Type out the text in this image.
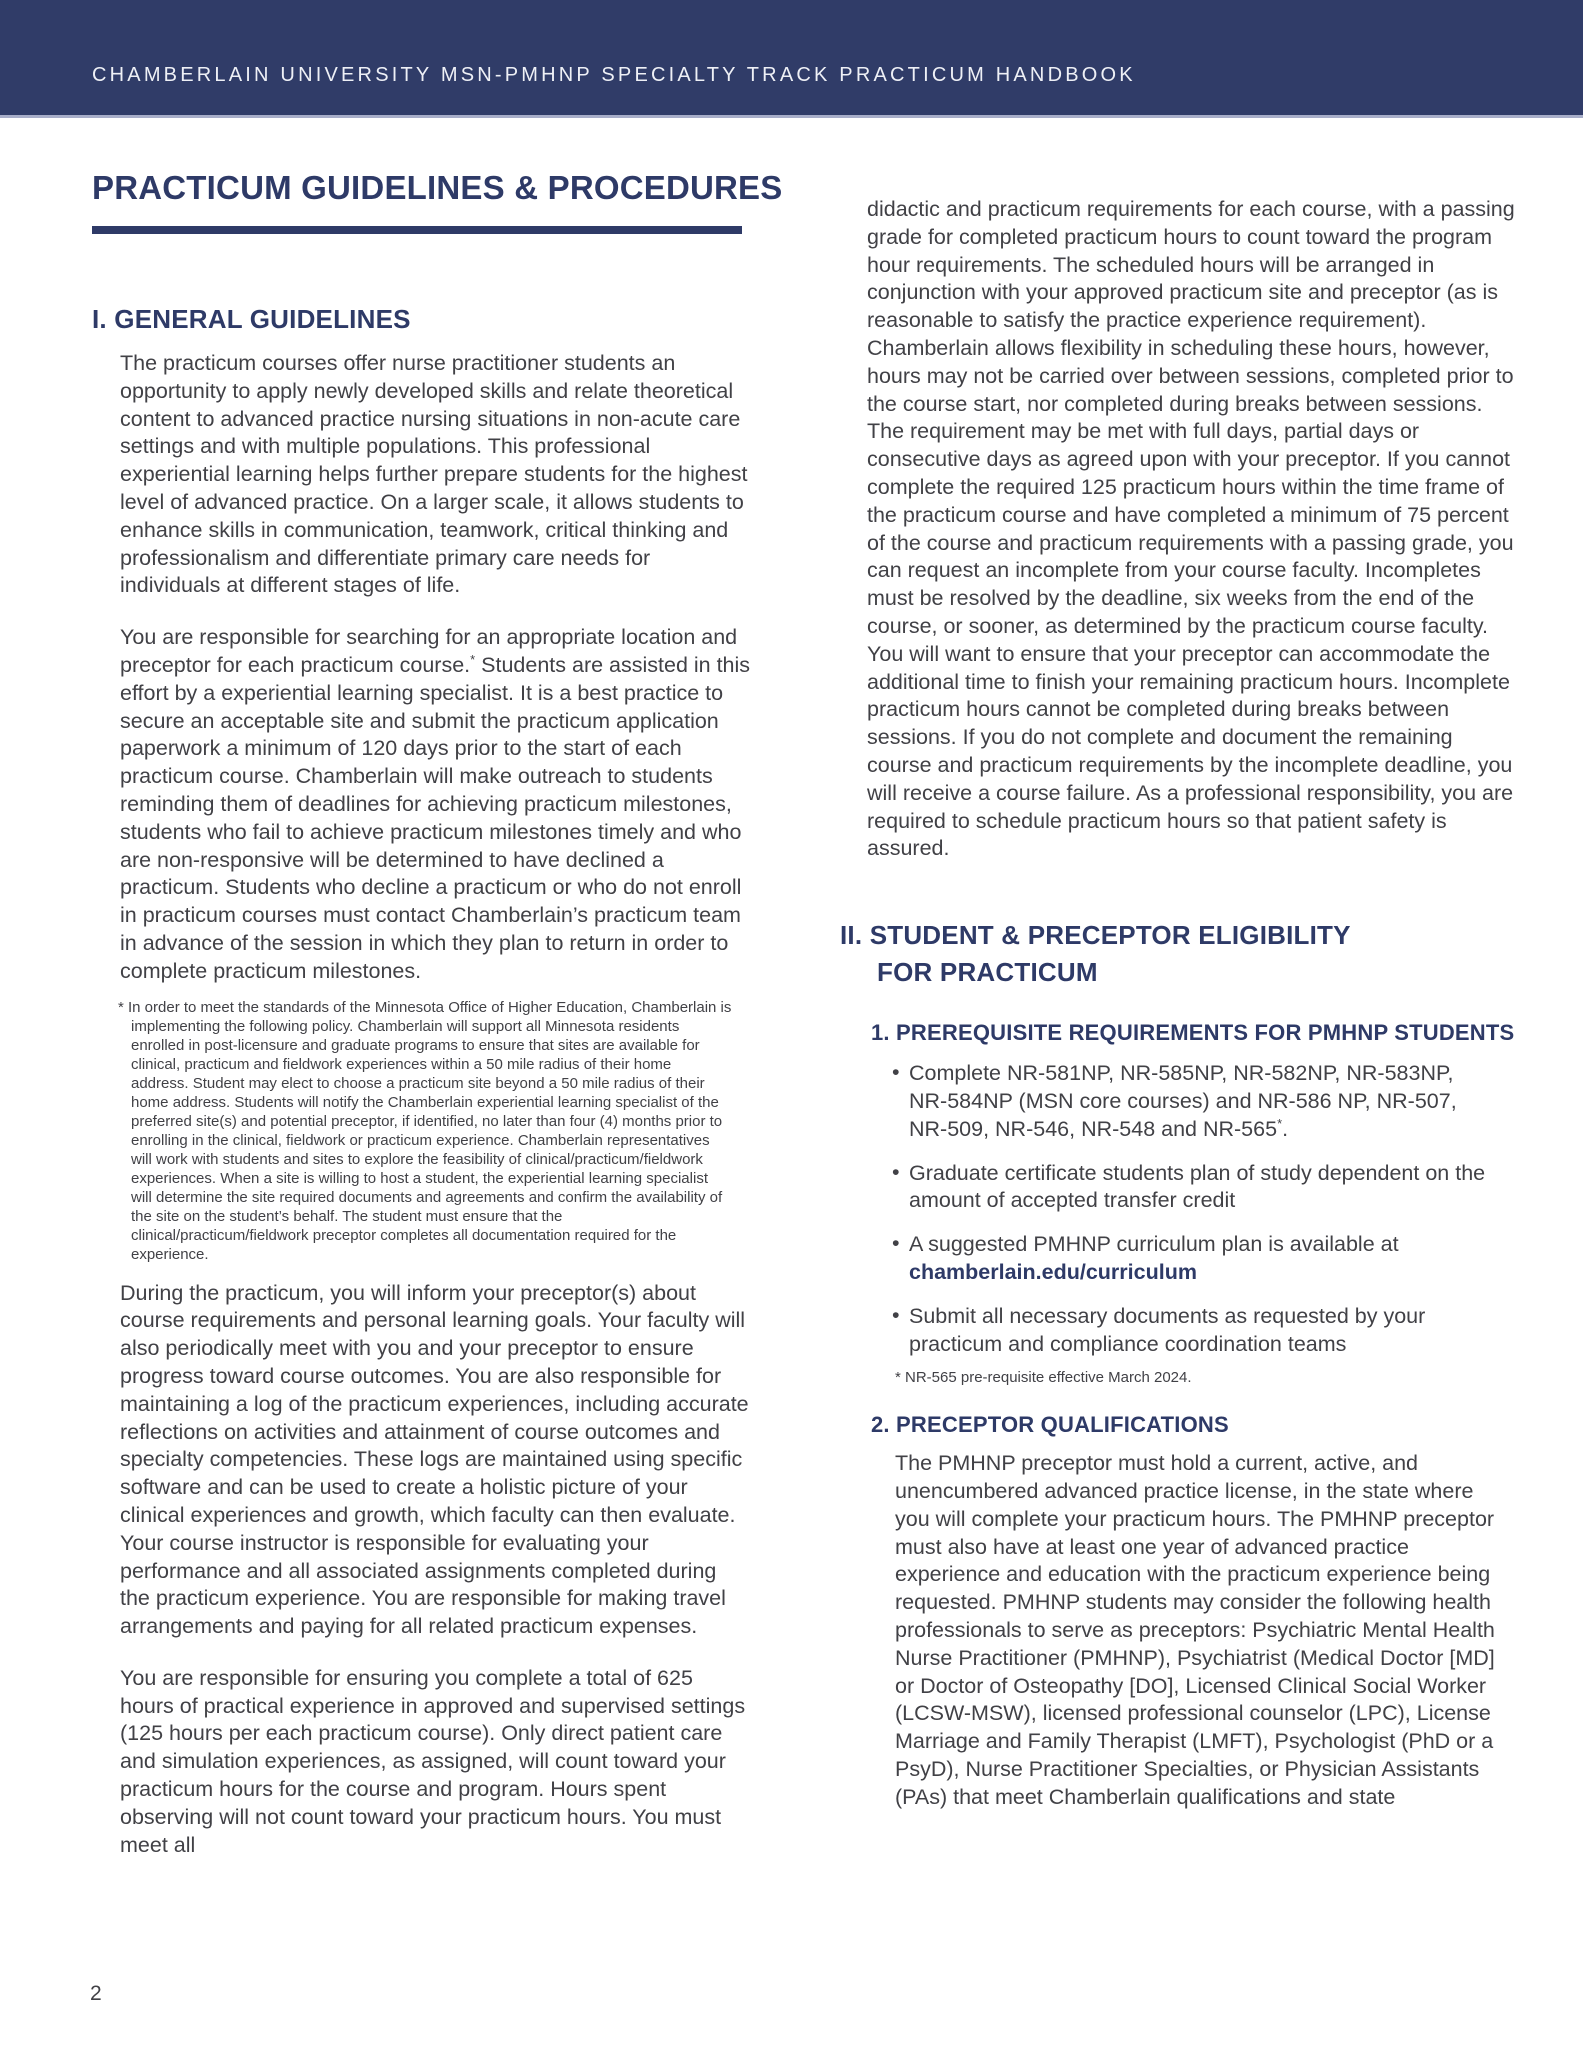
CHAMBERLAIN UNIVERSITY MSN-PMHNP SPECIALTY TRACK PRACTICUM HANDBOOK
PRACTICUM GUIDELINES & PROCEDURES
I. GENERAL GUIDELINES

The practicum courses offer nurse practitioner students an opportunity to apply newly developed skills and relate theoretical content to advanced practice nursing situations in non-acute care settings and with multiple populations. This professional experiential learning helps further prepare students for the highest level of advanced practice. On a larger scale, it allows students to enhance skills in communication, teamwork, critical thinking and professionalism and differentiate primary care needs for individuals at different stages of life.

You are responsible for searching for an appropriate location and preceptor for each practicum course.* Students are assisted in this effort by a experiential learning specialist. It is a best practice to secure an acceptable site and submit the practicum application paperwork a minimum of 120 days prior to the start of each practicum course. Chamberlain will make outreach to students reminding them of deadlines for achieving practicum milestones, students who fail to achieve practicum milestones timely and who are non-responsive will be determined to have declined a practicum. Students who decline a practicum or who do not enroll in practicum courses must contact Chamberlain’s practicum team in advance of the session in which they plan to return in order to complete practicum milestones.

* In order to meet the standards of the Minnesota Office of Higher Education, Chamberlain is implementing the following policy. Chamberlain will support all Minnesota residents enrolled in post-licensure and graduate programs to ensure that sites are available for clinical, practicum and fieldwork experiences within a 50 mile radius of their home address. Student may elect to choose a practicum site beyond a 50 mile radius of their home address. Students will notify the Chamberlain experiential learning specialist of the preferred site(s) and potential preceptor, if identified, no later than four (4) months prior to enrolling in the clinical, fieldwork or practicum experience. Chamberlain representatives will work with students and sites to explore the feasibility of clinical/practicum/fieldwork experiences. When a site is willing to host a student, the experiential learning specialist will determine the site required documents and agreements and confirm the availability of the site on the student’s behalf. The student must ensure that the clinical/practicum/fieldwork preceptor completes all documentation required for the experience.

During the practicum, you will inform your preceptor(s) about course requirements and personal learning goals. Your faculty will also periodically meet with you and your preceptor to ensure progress toward course outcomes. You are also responsible for maintaining a log of the practicum experiences, including accurate reflections on activities and attainment of course outcomes and specialty competencies. These logs are maintained using specific software and can be used to create a holistic picture of your clinical experiences and growth, which faculty can then evaluate. Your course instructor is responsible for evaluating your performance and all associated assignments completed during the practicum experience. You are responsible for making travel arrangements and paying for all related practicum expenses.

You are responsible for ensuring you complete a total of 625 hours of practical experience in approved and supervised settings (125 hours per each practicum course). Only direct patient care and simulation experiences, as assigned, will count toward your practicum hours for the course and program. Hours spent observing will not count toward your practicum hours. You must meet all

didactic and practicum requirements for each course, with a passing grade for completed practicum hours to count toward the program hour requirements. The scheduled hours will be arranged in conjunction with your approved practicum site and preceptor (as is reasonable to satisfy the practice experience requirement). Chamberlain allows flexibility in scheduling these hours, however, hours may not be carried over between sessions, completed prior to the course start, nor completed during breaks between sessions. The requirement may be met with full days, partial days or consecutive days as agreed upon with your preceptor. If you cannot complete the required 125 practicum hours within the time frame of the practicum course and have completed a minimum of 75 percent of the course and practicum requirements with a passing grade, you can request an incomplete from your course faculty. Incompletes must be resolved by the deadline, six weeks from the end of the course, or sooner, as determined by the practicum course faculty. You will want to ensure that your preceptor can accommodate the additional time to finish your remaining practicum hours. Incomplete practicum hours cannot be completed during breaks between sessions. If you do not complete and document the remaining course and practicum requirements by the incomplete deadline, you will receive a course failure. As a professional responsibility, you are required to schedule practicum hours so that patient safety is assured.

II. STUDENT & PRECEPTOR ELIGIBILITY
FOR PRACTICUM
1. PREREQUISITE REQUIREMENTS FOR PMHNP STUDENTS
• Complete NR-581NP, NR-585NP, NR-582NP, NR-583NP, NR-584NP (MSN core courses) and NR-586 NP, NR-507, NR-509, NR-546, NR-548 and NR-565*.
• Graduate certificate students plan of study dependent on the amount of accepted transfer credit
• A suggested PMHNP curriculum plan is available at chamberlain.edu/curriculum
• Submit all necessary documents as requested by your practicum and compliance coordination teams

* NR-565 pre-requisite effective March 2024.

2. PRECEPTOR QUALIFICATIONS

The PMHNP preceptor must hold a current, active, and unencumbered advanced practice license, in the state where you will complete your practicum hours. The PMHNP preceptor must also have at least one year of advanced practice experience and education with the practicum experience being requested. PMHNP students may consider the following health professionals to serve as preceptors: Psychiatric Mental Health Nurse Practitioner (PMHNP), Psychiatrist (Medical Doctor [MD] or Doctor of Osteopathy [DO], Licensed Clinical Social Worker (LCSW-MSW), licensed professional counselor (LPC), License Marriage and Family Therapist (LMFT), Psychologist (PhD or a PsyD), Nurse Practitioner Specialties, or Physician Assistants (PAs) that meet Chamberlain qualifications and state

2
